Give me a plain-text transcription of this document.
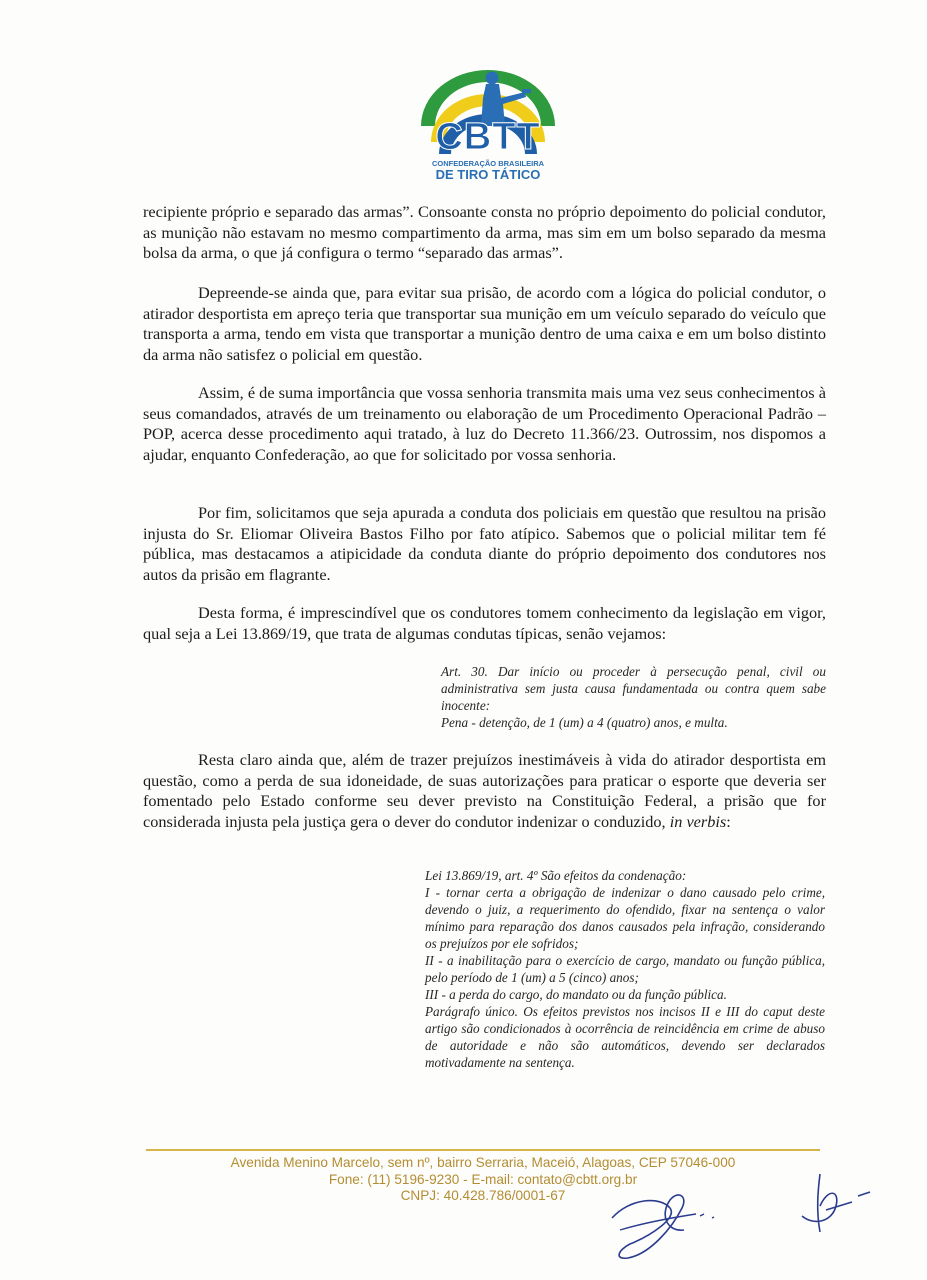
CBTT
CONFEDERAÇÃO BRASILEIRA
DE TIRO TÁTICO

recipiente próprio e separado das armas”. Consoante consta no próprio depoimento do policial condutor, as munição não estavam no mesmo compartimento da arma, mas sim em um bolso separado da mesma bolsa da arma, o que já configura o termo “separado das armas”.

Depreende-se ainda que, para evitar sua prisão, de acordo com a lógica do policial condutor, o atirador desportista em apreço teria que transportar sua munição em um veículo separado do veículo que transporta a arma, tendo em vista que transportar a munição dentro de uma caixa e em um bolso distinto da arma não satisfez o policial em questão.

Assim, é de suma importância que vossa senhoria transmita mais uma vez seus conhecimentos à seus comandados, através de um treinamento ou elaboração de um Procedimento Operacional Padrão – POP, acerca desse procedimento aqui tratado, à luz do Decreto 11.366/23. Outrossim, nos dispomos a ajudar, enquanto Confederação, ao que for solicitado por vossa senhoria.

Por fim, solicitamos que seja apurada a conduta dos policiais em questão que resultou na prisão injusta do Sr. Eliomar Oliveira Bastos Filho por fato atípico. Sabemos que o policial militar tem fé pública, mas destacamos a atipicidade da conduta diante do próprio depoimento dos condutores nos autos da prisão em flagrante.

Desta forma, é imprescindível que os condutores tomem conhecimento da legislação em vigor, qual seja a Lei 13.869/19, que trata de algumas condutas típicas, senão vejamos:

Art. 30. Dar início ou proceder à persecução penal, civil ou administrativa sem justa causa fundamentada ou contra quem sabe inocente:

Pena - detenção, de 1 (um) a 4 (quatro) anos, e multa.

Resta claro ainda que, além de trazer prejuízos inestimáveis à vida do atirador desportista em questão, como a perda de sua idoneidade, de suas autorizações para praticar o esporte que deveria ser fomentado pelo Estado conforme seu dever previsto na Constituição Federal, a prisão que for considerada injusta pela justiça gera o dever do condutor indenizar o conduzido, in verbis:

Lei 13.869/19, art. 4º São efeitos da condenação:

I - tornar certa a obrigação de indenizar o dano causado pelo crime, devendo o juiz, a requerimento do ofendido, fixar na sentença o valor mínimo para reparação dos danos causados pela infração, considerando os prejuízos por ele sofridos;

II - a inabilitação para o exercício de cargo, mandato ou função pública, pelo período de 1 (um) a 5 (cinco) anos;

III - a perda do cargo, do mandato ou da função pública.

Parágrafo único. Os efeitos previstos nos incisos II e III do caput deste artigo são condicionados à ocorrência de reincidência em crime de abuso de autoridade e não são automáticos, devendo ser declarados motivadamente na sentença.

Avenida Menino Marcelo, sem nº, bairro Serraria, Maceió, Alagoas, CEP 57046-000
Fone: (11) 5196-9230 - E-mail: contato@cbtt.org.br
CNPJ: 40.428.786/0001-67
